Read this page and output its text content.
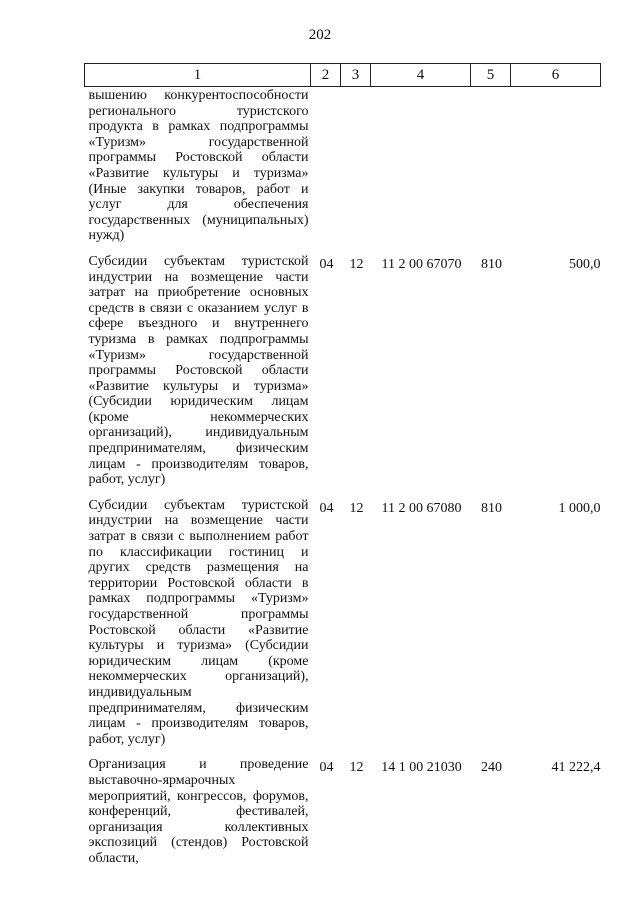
202
1	2	3	4	5	6
вышению конкурентоспособности регионального туристского продукта в рамках подпрограммы «Туризм» государственной программы Ростовской области «Развитие культуры и туризма» (Иные закупки товаров, работ и услуг для обеспечения государственных (муниципальных) нужд)					
Субсидии субъектам туристской индустрии на возмещение части затрат на приобретение основных средств в связи с оказанием услуг в сфере въездного и внутреннего туризма в рамках подпрограммы «Туризм» государственной программы Ростовской области «Развитие культуры и туризма» (Субсидии юридическим лицам (кроме некоммерческих организаций), индивидуальным предпринимателям, физическим лицам - производителям товаров, работ, услуг)	04	12	11 2 00 67070	810	500,0
Субсидии субъектам туристской индустрии на возмещение части затрат в связи с выполнением работ по классификации гостиниц и других средств размещения на территории Ростовской области в рамках подпрограммы «Туризм» государственной программы Ростовской области «Развитие культуры и туризма» (Субсидии юридическим лицам (кроме некоммерческих организаций), индивидуальным предпринимателям, физическим лицам - производителям товаров, работ, услуг)	04	12	11 2 00 67080	810	1 000,0
Организация и проведение выставочно-ярмарочных мероприятий, конгрессов, форумов, конференций, фестивалей, организация коллективных экспозиций (стендов) Ростовской области,	04	12	14 1 00 21030	240	41 222,4
